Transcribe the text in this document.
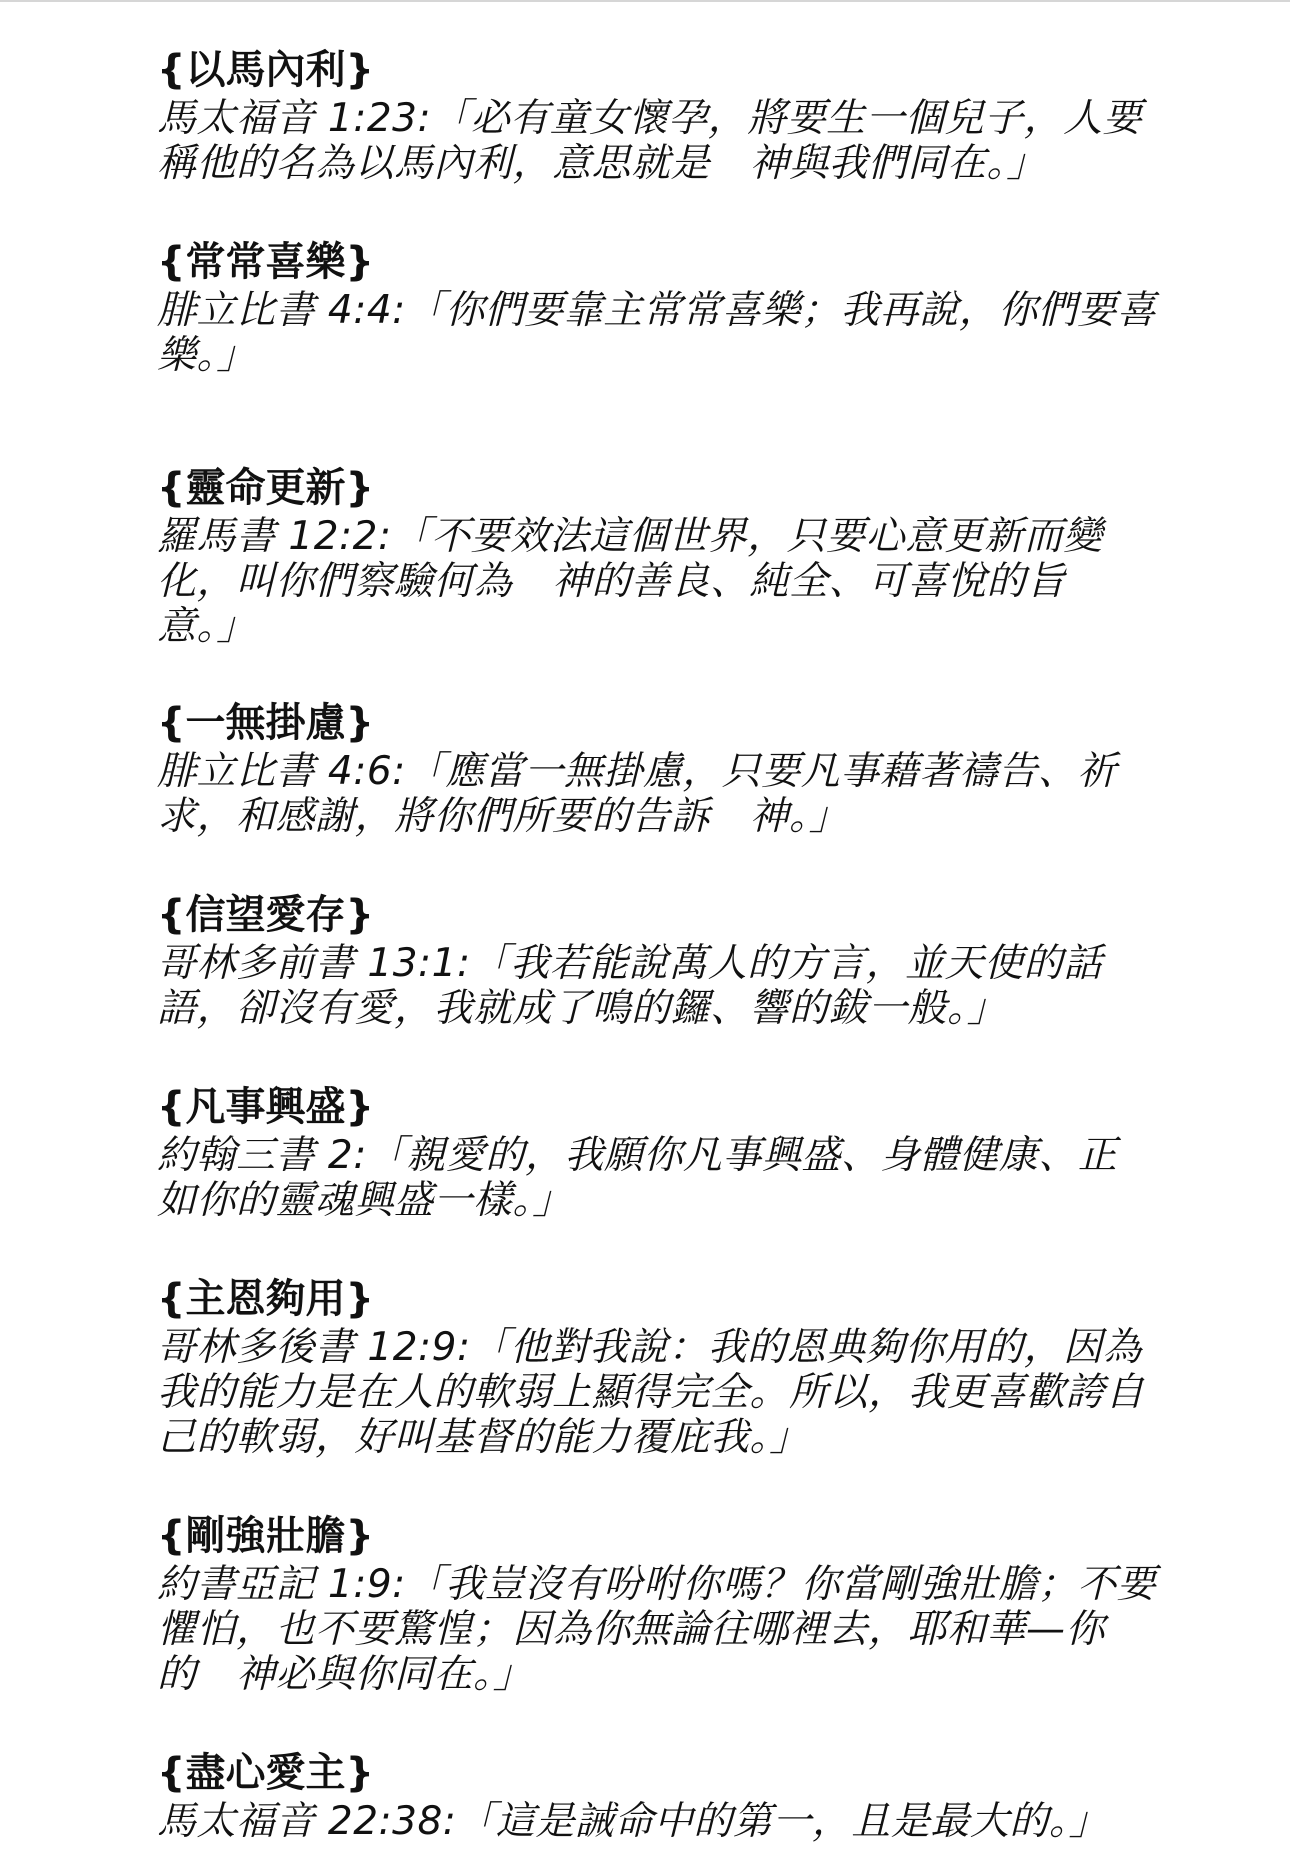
{以馬內利}
馬太福音 1:23:「必有童女懷孕，將要生一個兒子，人要
稱他的名為以馬內利，意思就是　神與我們同在。」
{常常喜樂}
腓立比書 4:4:「你們要靠主常常喜樂；我再說，你們要喜
樂。」
{靈命更新}
羅馬書 12:2:「不要效法這個世界，只要心意更新而變
化，叫你們察驗何為　神的善良、純全、可喜悅的旨
意。」
{一無掛慮}
腓立比書 4:6:「應當一無掛慮，只要凡事藉著禱告、祈
求，和感謝，將你們所要的告訴　神。」
{信望愛存}
哥林多前書 13:1:「我若能說萬人的方言，並天使的話
語，卻沒有愛，我就成了鳴的鑼、響的鈸一般。」
{凡事興盛}
約翰三書 2:「親愛的，我願你凡事興盛、身體健康、正
如你的靈魂興盛一樣。」
{主恩夠用}
哥林多後書 12:9:「他對我說：我的恩典夠你用的，因為
我的能力是在人的軟弱上顯得完全。所以，我更喜歡誇自
己的軟弱，好叫基督的能力覆庇我。」
{剛強壯膽}
約書亞記 1:9:「我豈沒有吩咐你嗎？你當剛強壯膽；不要
懼怕，也不要驚惶；因為你無論往哪裡去，耶和華—你
的　神必與你同在。」
{盡心愛主}
馬太福音 22:38:「這是誡命中的第一，且是最大的。」
